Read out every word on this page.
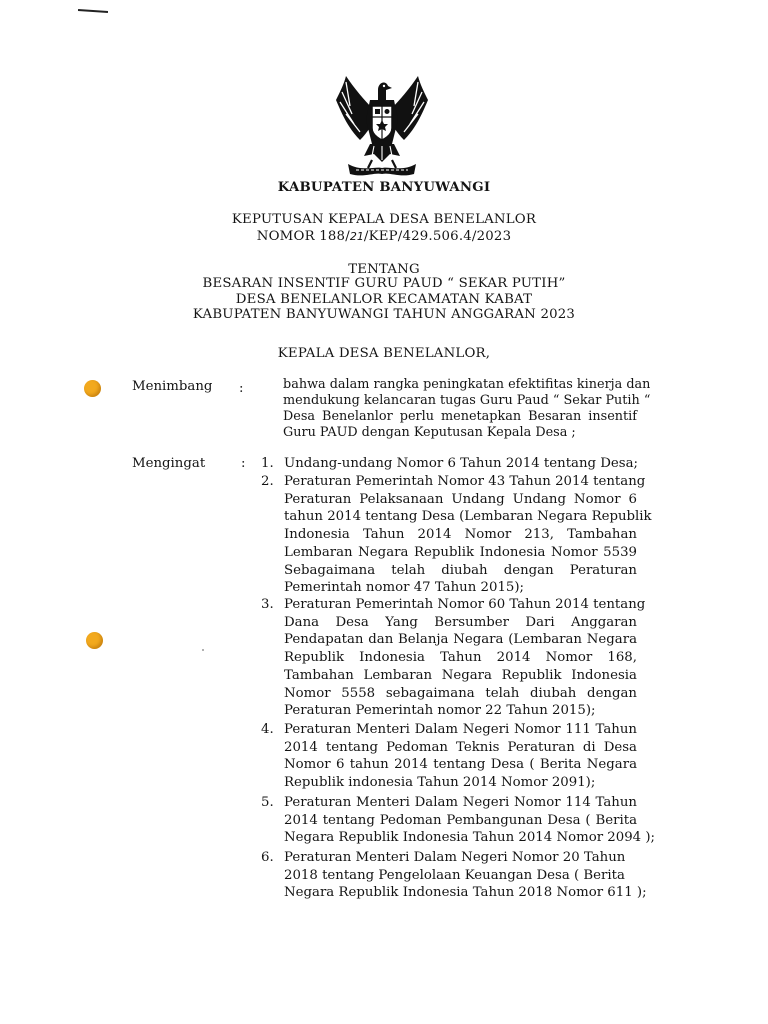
KABUPATEN BANYUWANGI
KEPUTUSAN KEPALA DESA BENELANLOR
NOMOR 188/21/KEP/429.506.4/2023
TENTANG
BESARAN INSENTIF GURU PAUD “ SEKAR PUTIH”
DESA BENELANLOR KECAMATAN KABAT
KABUPATEN BANYUWANGI TAHUN ANGGARAN 2023
KEPALA DESA BENELANLOR,
Menimbang :	bahwa dalam rangka peningkatan efektifitas kinerja dan
mendukung kelancaran tugas Guru Paud “ Sekar Putih “
Desa Benelanlor perlu menetapkan Besaran insentif
Guru PAUD dengan Keputusan Kepala Desa ;
Mengingat	: 1. Undang-undang Nomor 6 Tahun 2014 tentang Desa;
2. Peraturan Pemerintah Nomor 43 Tahun 2014 tentang
Peraturan Pelaksanaan Undang Undang Nomor 6
tahun 2014 tentang Desa (Lembaran Negara Republik
Indonesia Tahun 2014 Nomor 213, Tambahan
Lembaran Negara Republik Indonesia Nomor 5539
Sebagaimana telah diubah dengan Peraturan
Pemerintah nomor 47 Tahun 2015);
3. Peraturan Pemerintah Nomor 60 Tahun 2014 tentang
Dana Desa Yang Bersumber Dari Anggaran
Pendapatan dan Belanja Negara (Lembaran Negara
Republik Indonesia Tahun 2014 Nomor 168,
Tambahan Lembaran Negara Republik Indonesia
Nomor 5558 sebagaimana telah diubah dengan
Peraturan Pemerintah nomor 22 Tahun 2015);
4. Peraturan Menteri Dalam Negeri Nomor 111 Tahun
2014 tentang Pedoman Teknis Peraturan di Desa
Nomor 6 tahun 2014 tentang Desa ( Berita Negara
Republik indonesia Tahun 2014 Nomor 2091);
5. Peraturan Menteri Dalam Negeri Nomor 114 Tahun
2014 tentang Pedoman Pembangunan Desa ( Berita
Negara Republik Indonesia Tahun 2014 Nomor 2094 );
6. Peraturan Menteri Dalam Negeri Nomor 20 Tahun
2018 tentang Pengelolaan Keuangan Desa ( Berita
Negara Republik Indonesia Tahun 2018 Nomor 611 );
